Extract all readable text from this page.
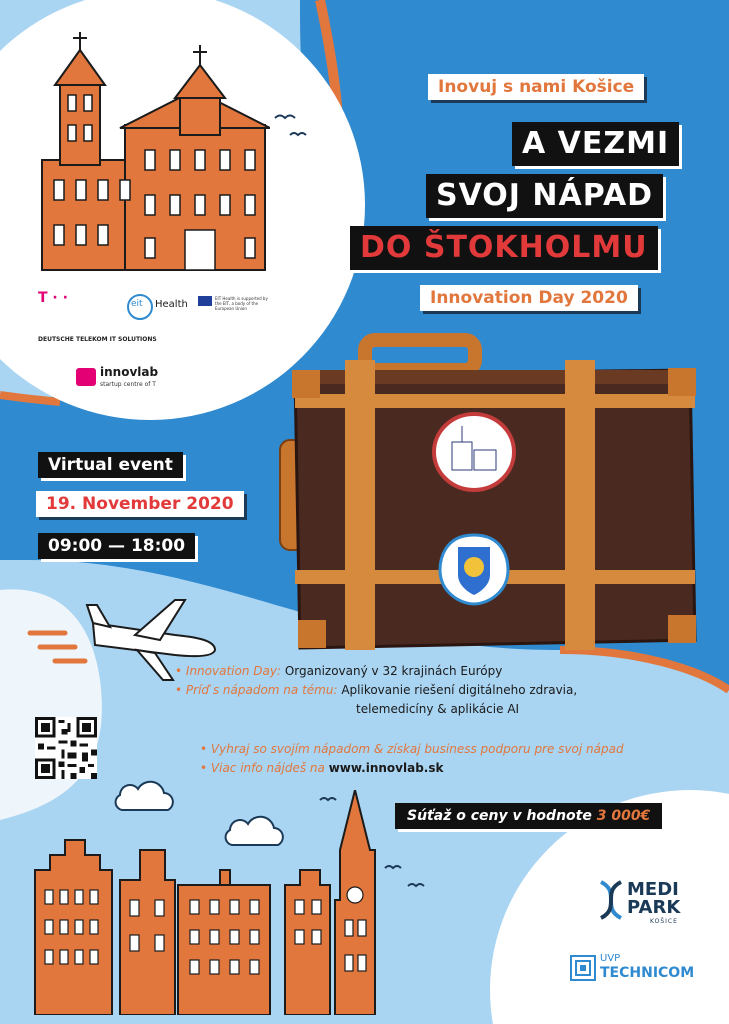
T · ·
DEUTSCHE TELEKOM IT SOLUTIONS
eit Health
EIT Health is supported by the EIT, a body of the European Union
innovlab
startup centre of T
Inovuj s nami Košice
A VEZMI
SVOJ NÁPAD
DO ŠTOKHOLMU
Innovation Day 2020
Virtual event
19. November 2020
09:00 — 18:00
• Innovation Day: Organizovaný v 32 krajinách Európy
• Príď s nápadom na tému: Aplikovanie riešení digitálneho zdravia,
telemedicíny & aplikácie AI
• Vyhraj so svojím nápadom & získaj business podporu pre svoj nápad
• Viac info nájdeš na www.innovlab.sk
Súťaž o ceny v hodnote 3 000€
MEDI
PARK
KOŠICE
UVP
TECHNICOM
